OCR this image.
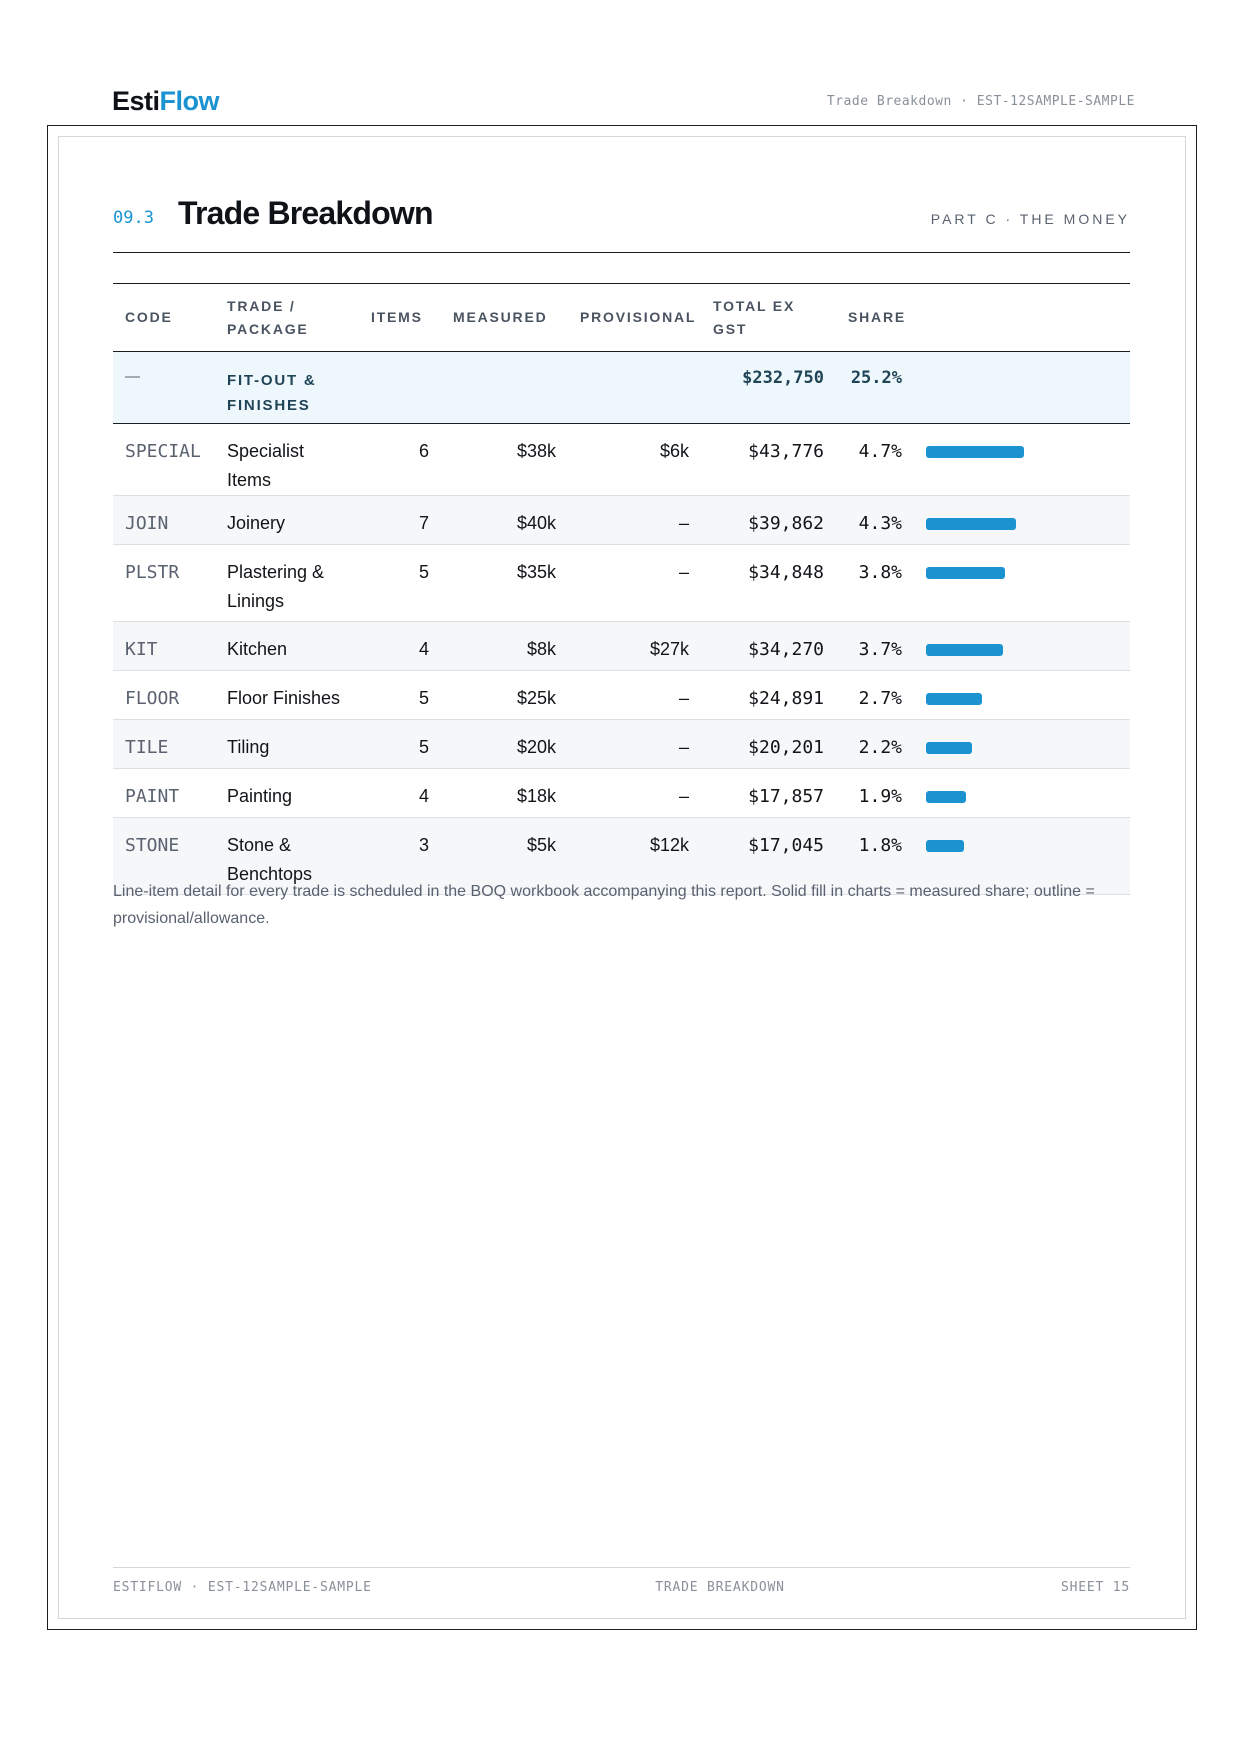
EstiFlow	Trade Breakdown · EST-12SAMPLE-SAMPLE
09.3 Trade Breakdown	PART C · THE MONEY
CODE	TRADE / PACKAGE	ITEMS	MEASURED	PROVISIONAL	TOTAL EX GST	SHARE	
—	FIT-OUT & FINISHES				$232,750	25.2%	
SPECIAL	Specialist Items	6	$38k	$6k	$43,776	4.7%	

JOIN	Joinery	7	$40k	–	$39,862	4.3%	

PLSTR	Plastering & Linings	5	$35k	–	$34,848	3.8%	

KIT	Kitchen	4	$8k	$27k	$34,270	3.7%	

FLOOR	Floor Finishes	5	$25k	–	$24,891	2.7%	

TILE	Tiling	5	$20k	–	$20,201	2.2%	

PAINT	Painting	4	$18k	–	$17,857	1.9%	

STONE	Stone & Benchtops	3	$5k	$12k	$17,045	1.8%	
Line-item detail for every trade is scheduled in the BOQ workbook accompanying this report. Solid fill in charts = measured share; outline = provisional/allowance.
ESTIFLOW · EST-12SAMPLE-SAMPLE	TRADE BREAKDOWN	SHEET 15
